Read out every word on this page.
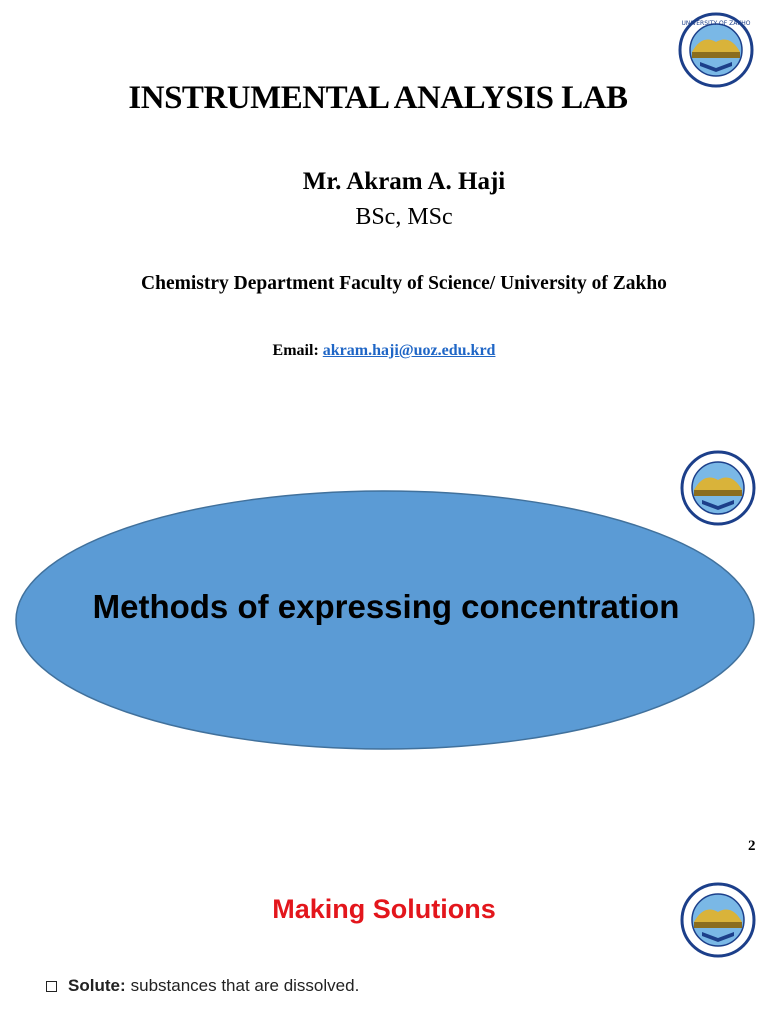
UNIVERSITY OF ZAKHO
INSTRUMENTAL ANALYSIS LAB
Mr. Akram A. Haji
BSc, MSc
Chemistry Department Faculty of Science/ University of Zakho
Email: akram.haji@uoz.edu.krd
Methods of expressing concentration
2
Making Solutions
Solute: substances that are dissolved.
